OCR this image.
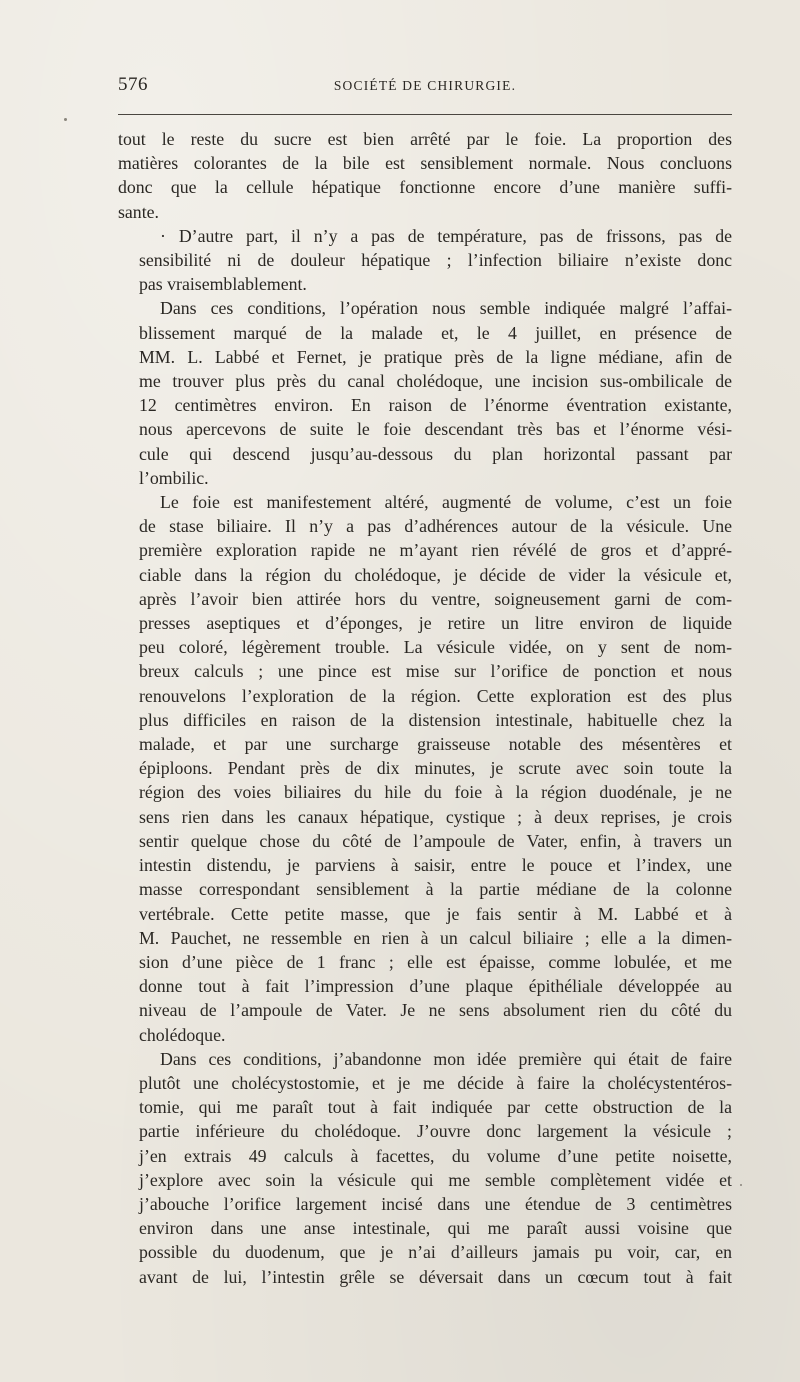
576	SOCIÉTÉ DE CHIRURGIE.
tout le reste du sucre est bien arrêté par le foie. La proportion des
matières colorantes de la bile est sensiblement normale. Nous concluons
donc que la cellule hépatique fonctionne encore d’une manière suffi-
sante.
· D’autre part, il n’y a pas de température, pas de frissons, pas de
sensibilité ni de douleur hépatique ; l’infection biliaire n’existe donc
pas vraisemblablement.
Dans ces conditions, l’opération nous semble indiquée malgré l’affai-
blissement marqué de la malade et, le 4 juillet, en présence de
MM. L. Labbé et Fernet, je pratique près de la ligne médiane, afin de
me trouver plus près du canal cholédoque, une incision sus-ombilicale de
12 centimètres environ. En raison de l’énorme éventration existante,
nous apercevons de suite le foie descendant très bas et l’énorme vési-
cule qui descend jusqu’au-dessous du plan horizontal passant par
l’ombilic.
Le foie est manifestement altéré, augmenté de volume, c’est un foie
de stase biliaire. Il n’y a pas d’adhérences autour de la vésicule. Une
première exploration rapide ne m’ayant rien révélé de gros et d’appré-
ciable dans la région du cholédoque, je décide de vider la vésicule et,
après l’avoir bien attirée hors du ventre, soigneusement garni de com-
presses aseptiques et d’éponges, je retire un litre environ de liquide
peu coloré, légèrement trouble. La vésicule vidée, on y sent de nom-
breux calculs ; une pince est mise sur l’orifice de ponction et nous
renouvelons l’exploration de la région. Cette exploration est des plus
plus difficiles en raison de la distension intestinale, habituelle chez la
malade, et par une surcharge graisseuse notable des mésentères et
épiploons. Pendant près de dix minutes, je scrute avec soin toute la
région des voies biliaires du hile du foie à la région duodénale, je ne
sens rien dans les canaux hépatique, cystique ; à deux reprises, je crois
sentir quelque chose du côté de l’ampoule de Vater, enfin, à travers un
intestin distendu, je parviens à saisir, entre le pouce et l’index, une
masse correspondant sensiblement à la partie médiane de la colonne
vertébrale. Cette petite masse, que je fais sentir à M. Labbé et à
M. Pauchet, ne ressemble en rien à un calcul biliaire ; elle a la dimen-
sion d’une pièce de 1 franc ; elle est épaisse, comme lobulée, et me
donne tout à fait l’impression d’une plaque épithéliale développée au
niveau de l’ampoule de Vater. Je ne sens absolument rien du côté du
cholédoque.
Dans ces conditions, j’abandonne mon idée première qui était de faire
plutôt une cholécystostomie, et je me décide à faire la cholécystentéros-
tomie, qui me paraît tout à fait indiquée par cette obstruction de la
partie inférieure du cholédoque. J’ouvre donc largement la vésicule ;
j’en extrais 49 calculs à facettes, du volume d’une petite noisette,
j’explore avec soin la vésicule qui me semble complètement vidée et
j’abouche l’orifice largement incisé dans une étendue de 3 centimètres
environ dans une anse intestinale, qui me paraît aussi voisine que
possible du duodenum, que je n’ai d’ailleurs jamais pu voir, car, en
avant de lui, l’intestin grêle se déversait dans un cœcum tout à fait
